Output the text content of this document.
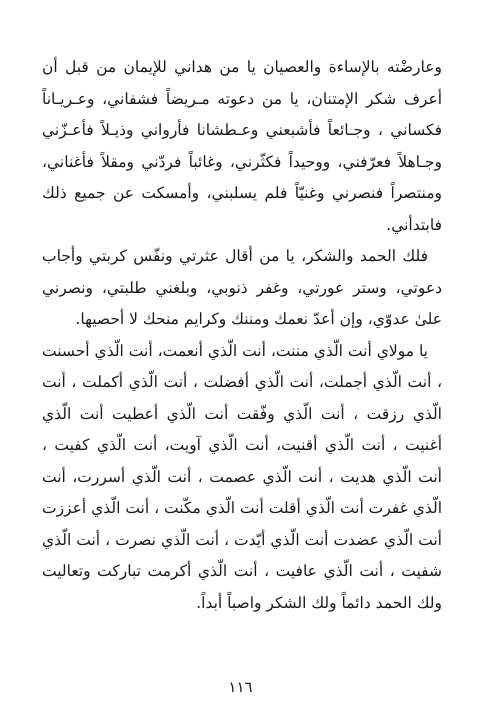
وعارضْته بالإساءة والعصيان يا من هداني للإيمان من قبل أن أعرف شكر الإمتنان، يا من دعوته مـريضاً فشفاني، وعـريـاناً فكساني ، وجـائعاً فأشبعني وعـطشانا فأرواني وذيـلاً فأعـزّني وجـاهلاً فعرّفني، ووحيداً فكثّرني، وغائباً فردّني ومقلاً فأغناني، ومنتصراً فنصرني وغنيّاً فلم يسلبني، وأمسكت عن جميع ذلك فابتدأني.

فلك الحمد والشكر، يا من أقال عثرتي ونفّس كربتي وأجاب دعوتي، وستر عورتي، وغفر ذنوبي، وبلغني طلبتي، ونصرني علىٰ عدوّي، وإن أعدّ نعمك ومننك وكرايم منحك لا أحصيها.

يا مولاي أنت الّذي مننت، أنت الّذي أنعمت، أنت الّذي أحسنت ، أنت الّذي أجملت، أنت الّذي أفضلت ، أنت الّذي أكملت ، أنت الّذي رزقت ، أنت الّذي وفّقت أنت الّذي أعطيت أنت الّذي أغنيت ، أنت الّذي أقنيت، أنت الّذي آويت، أنت الّذي كفيت ، أنت الّذي هديت ، أنت الّذي عصمت ، أنت الّذي أسررت، أنت الّذي غفرت أنت الّذي أقلت أنت الّذي مكّنت ، أنت الّذي أعززت أنت الّذي عضدت أنت الّذي أيّدت ، أنت الّذي نصرت ، أنت الّذي شفيت ، أنت الّذي عافيت ، أنت الّذي أكرمت تباركت وتعاليت ولك الحمد دائماً ولك الشكر واصباً أبداً.

١١٦
